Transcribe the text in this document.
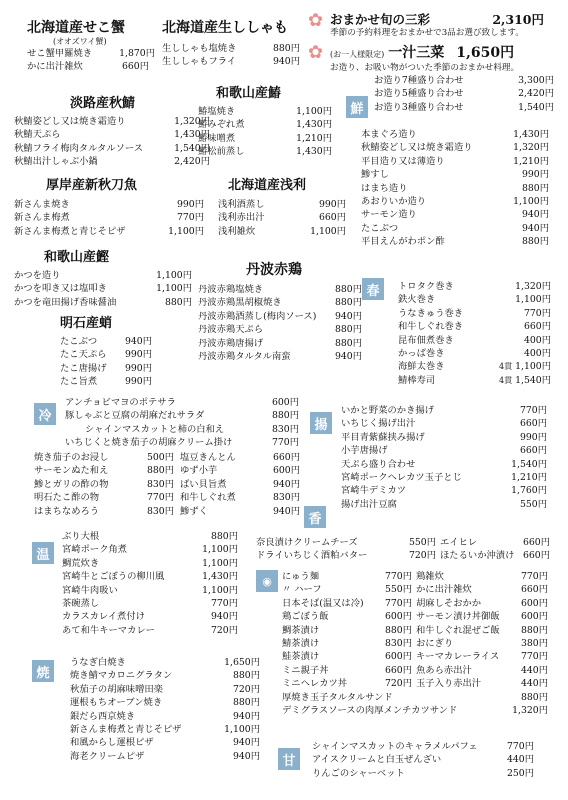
北海道産せこ蟹
(オオズワイ蟹)
せこ蟹甲羅焼き	1,870円
かに出汁雑炊	660円
北海道産生ししゃも
生ししゃも塩焼き	880円
生ししゃもフライ	940円
和歌山産鰆
鰆塩焼き	1,100円
鰆みぞれ煮	1,430円
鰆味噌煮	1,210円
鰆松前蒸し	1,430円
淡路産秋鯖
秋鯖姿どし又は焼き霜造り	1,320円
秋鯖天ぷら	1,430円
秋鯖フライ梅肉タルタルソース	1,540円
秋鯖出汁しゃぶ小鍋	2,420円
厚岸産新秋刀魚
新さんま焼き	990円
新さんま梅煮	770円
新さんま梅煮と青じそピザ	1,100円
北海道産浅利
浅利酒蒸し	990円
浅利赤出汁	660円
浅利雑炊	1,100円
和歌山産鰹
かつを造り	1,100円
かつを叩き又は塩叩き	1,100円
かつを竜田揚げ香味醤油	880円
明石産蛸
たこぶつ	940円
たこ天ぷら 990円
たこ唐揚げ 990円
たこ旨煮	990円
丹波赤鶏
丹波赤鶏塩焼き	880円
丹波赤鶏黒胡椒焼き	880円
丹波赤鶏酒蒸し(梅肉ソース) 940円
丹波赤鶏天ぷら	880円
丹波赤鶏唐揚げ	880円
丹波赤鶏タルタル南蛮	940円
✿
✿
おまかせ旬の三彩	2,310円
季節の予約料理をおまかせで3品お選び致します。
(お一人様限定) 一汁三菜 1,650円
お造り、お吸い物がついた季節のおまかせ料理。
お造り7種盛り合わせ	3,300円
お造り5種盛り合わせ	2,420円
お造り3種盛り合わせ	1,540円
鮮
本まぐろ造り	1,430円
秋鯖姿どし又は焼き霜造り	1,320円
平目造り又は薄造り	1,210円
鯵すし	990円
はまち造り	880円
あおりいか造り	1,100円
サーモン造り	940円
たこぶつ	940円
平目えんがわポン酢	880円
春	トロタク巻き	1,320円
鉄火巻き	1,100円
うなきゅう巻き	770円
和牛しぐれ巻き	660円
昆布佃煮巻き	400円
かっぱ巻き	400円
海鮮太巻き	4貫 1,100円
鯖棒寿司	4貫 1,540円
冷
アンチョビマヨのポテサラ	600円
豚しゃぶと豆腐の胡麻だれサラダ	880円
シャインマスカットと柿の白和え	830円
いちじくと焼き茄子の胡麻クリーム掛け	770円
焼き茄子のお浸し	500円 塩豆きんとん	660円
サーモンぬた和え	880円 ゆず小芋	600円
鯵とガリの酢の物	830円 ばい貝旨煮	940円
明石たこ酢の物	770円 和牛しぐれ煮	830円
はまちなめろう	830円 鯵ずく	940円
揚
いかと野菜のかき揚げ	770円
いちじく揚げ出汁	660円
平目青紫蘇挟み揚げ	990円
小芋唐揚げ	660円
天ぷら盛り合わせ	1,540円
宮崎ポークヘレカツ玉子とじ	1,210円
宮崎牛デミカツ	1,760円
揚げ出汁豆腐	550円
温
ぶり大根	880円
宮崎ポーク角煮	1,100円
鯛荒炊き	1,100円
宮崎牛とごぼうの柳川風	1,430円
宮崎牛肉吸い	1,100円
茶碗蒸し	770円
カラスカレイ煮付け	940円
あて和牛キーマカレー	720円
香
奈良漬けクリームチーズ	550円 エイヒレ	660円
ドライいちじく酒粕バター	720円 ほたるいか沖漬け 660円
◉	にゅう麺	770円 鶏雑炊	770円
〃 ハーフ	550円 かに出汁雑炊	660円
日本そば(温又は冷) 770円 胡麻しそおかか	600円
鶏ごぼう飯	600円 サーモン漬け丼御飯 600円
鯛茶漬け	880円 和牛しぐれ混ぜご飯 880円
鯖茶漬け	830円 おにぎり	380円
鮭茶漬け	600円 キーマカレーライス 770円
ミニ親子丼	660円 魚あら赤出汁	440円
ミニヘレカツ丼	720円 玉子入り赤出汁	440円
厚焼き玉子タルタルサンド	880円
デミグラスソースの肉厚メンチカツサンド	1,320円
焼
うなぎ白焼き	1,650円
焼き鯖マカロニグラタン	880円
秋茄子の胡麻味噌田楽	720円
運根もちオーブン焼き	880円
銀だら西京焼き	940円
新さんま梅煮と青じそピザ	1,100円
和風からし運根ピザ	940円
海老クリームピザ	940円	甘
シャインマスカットのキャラメルパフェ	770円
アイスクリームと白玉ぜんざい	440円
りんごのシャーベット	250円
